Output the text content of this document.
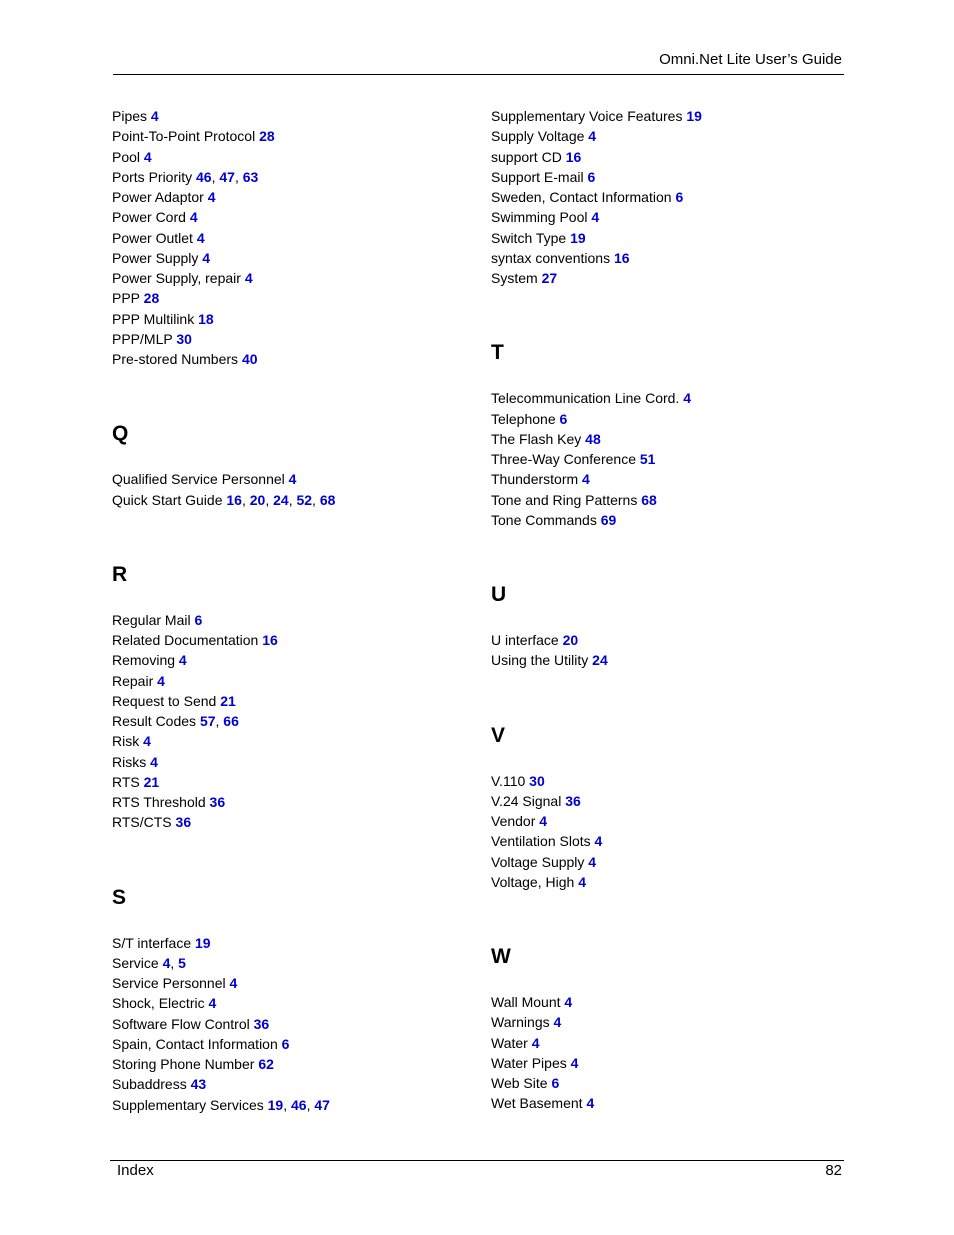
Omni.Net Lite User’s Guide
Pipes 4
Point-To-Point Protocol 28
Pool 4
Ports Priority 46, 47, 63
Power Adaptor 4
Power Cord 4
Power Outlet 4
Power Supply 4
Power Supply, repair 4
PPP 28
PPP Multilink 18
PPP/MLP 30
Pre-stored Numbers 40
Q
Qualified Service Personnel 4
Quick Start Guide 16, 20, 24, 52, 68
R
Regular Mail 6
Related Documentation 16
Removing 4
Repair 4
Request to Send 21
Result Codes 57, 66
Risk 4
Risks 4
RTS 21
RTS Threshold 36
RTS/CTS 36
S
S/T interface 19
Service 4, 5
Service Personnel 4
Shock, Electric 4
Software Flow Control 36
Spain, Contact Information 6
Storing Phone Number 62
Subaddress 43
Supplementary Services 19, 46, 47
Supplementary Voice Features 19
Supply Voltage 4
support CD 16
Support E-mail 6
Sweden, Contact Information 6
Swimming Pool 4
Switch Type 19
syntax conventions 16
System 27
T
Telecommunication Line Cord. 4
Telephone 6
The Flash Key 48
Three-Way Conference 51
Thunderstorm 4
Tone and Ring Patterns 68
Tone Commands 69
U
U interface 20
Using the Utility 24
V
V.110 30
V.24 Signal 36
Vendor 4
Ventilation Slots 4
Voltage Supply 4
Voltage, High 4
W
Wall Mount 4
Warnings 4
Water 4
Water Pipes 4
Web Site 6
Wet Basement 4
Index	82
